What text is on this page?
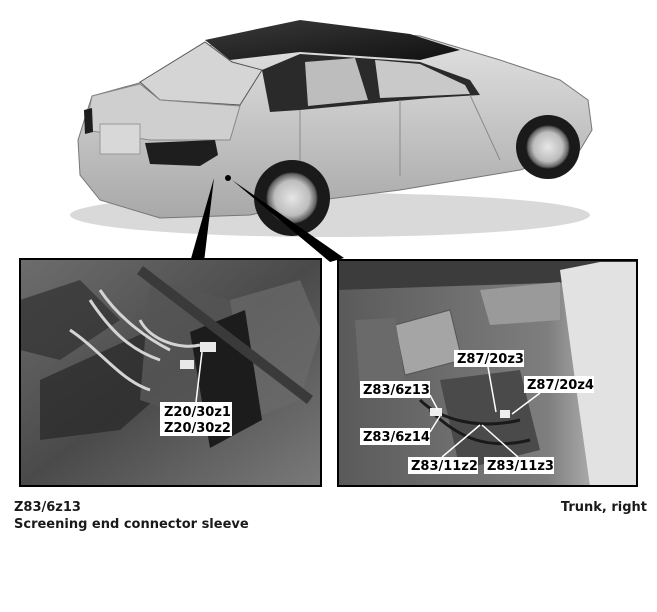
Z20/30z1
Z20/30z2
Z87/20z3
Z87/20z4
Z83/6z13
Z83/6z14
Z83/11z2 Z83/11z3
Z83/6z13
Screening end connector sleeve
Trunk, right
